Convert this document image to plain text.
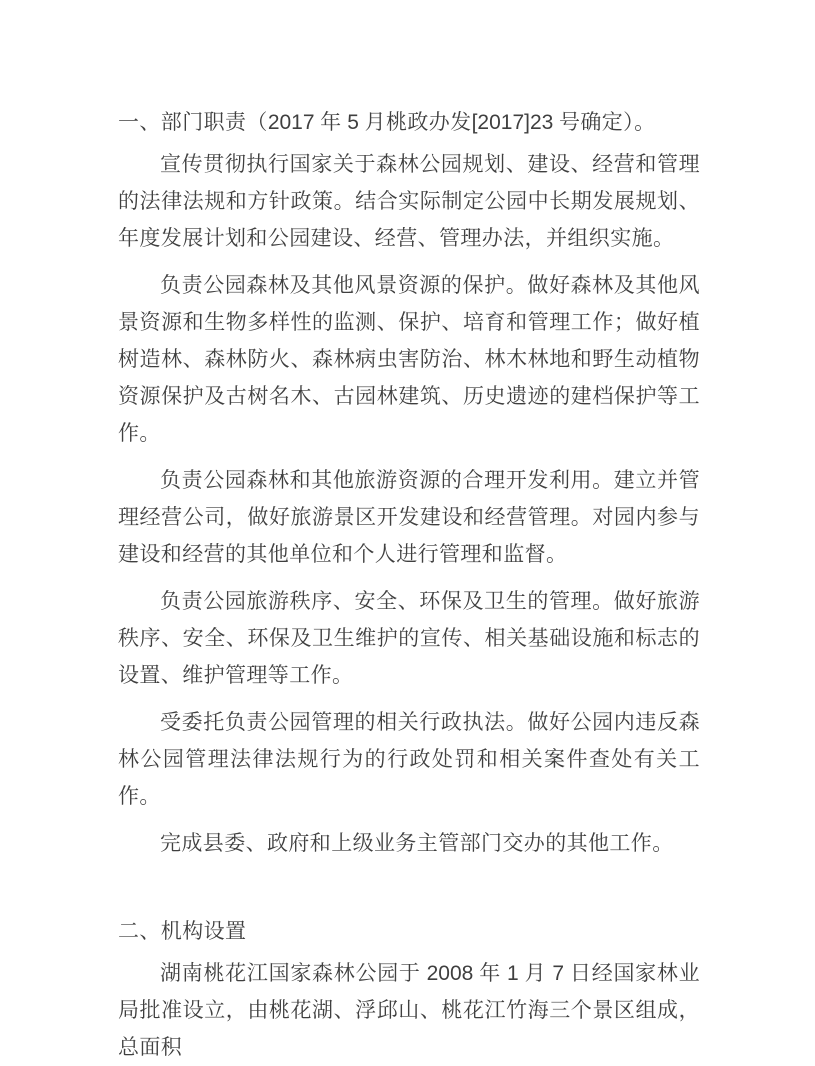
一、部门职责（2017 年 5 月桃政办发[2017]23 号确定）。

宣传贯彻执行国家关于森林公园规划、建设、经营和管理的法律法规和方针政策。结合实际制定公园中长期发展规划、年度发展计划和公园建设、经营、管理办法，并组织实施。

负责公园森林及其他风景资源的保护。做好森林及其他风景资源和生物多样性的监测、保护、培育和管理工作；做好植树造林、森林防火、森林病虫害防治、林木林地和野生动植物资源保护及古树名木、古园林建筑、历史遗迹的建档保护等工作。

负责公园森林和其他旅游资源的合理开发利用。建立并管理经营公司，做好旅游景区开发建设和经营管理。对园内参与建设和经营的其他单位和个人进行管理和监督。

负责公园旅游秩序、安全、环保及卫生的管理。做好旅游秩序、安全、环保及卫生维护的宣传、相关基础设施和标志的设置、维护管理等工作。

受委托负责公园管理的相关行政执法。做好公园内违反森林公园管理法律法规行为的行政处罚和相关案件查处有关工作。

完成县委、政府和上级业务主管部门交办的其他工作。

二、机构设置

湖南桃花江国家森林公园于 2008 年 1 月 7 日经国家林业局批准设立，由桃花湖、浮邱山、桃花江竹海三个景区组成，总面积
